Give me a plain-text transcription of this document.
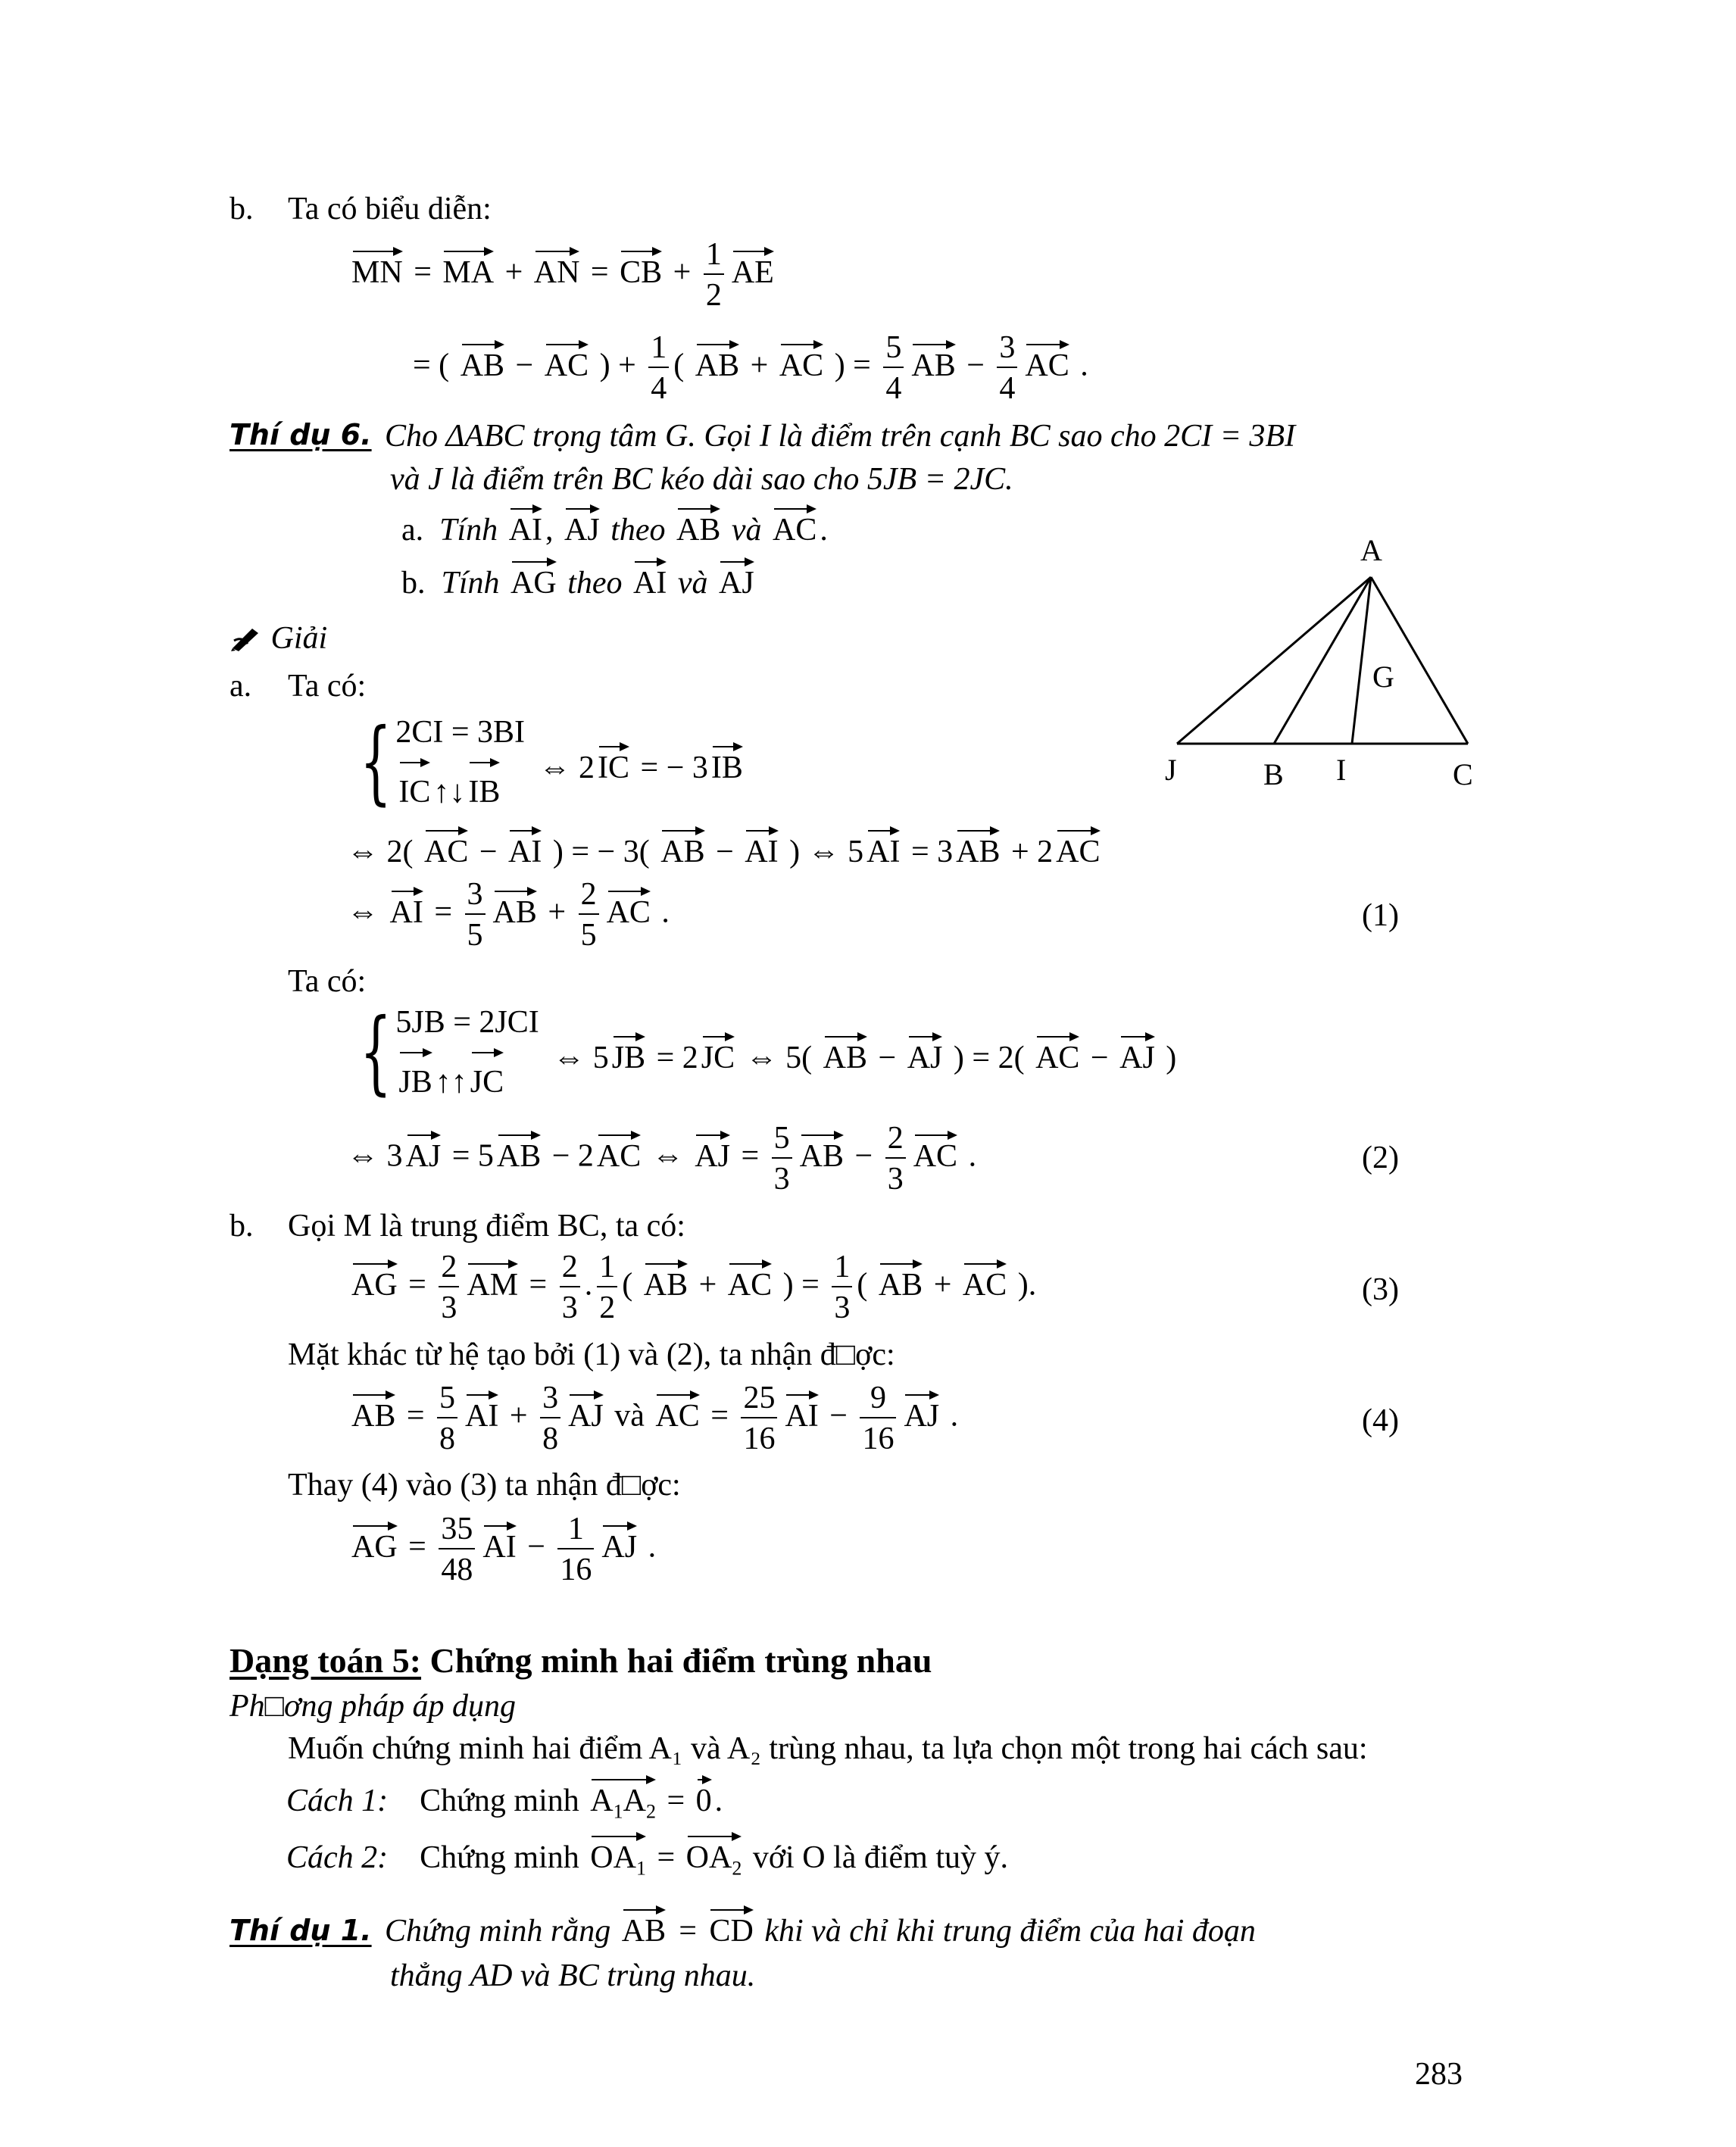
b. Ta có biểu diễn:
MN = MA + AN = CB + $\frac{1}{2}$ AE
= ( AB − AC ) + $\frac{1}{4}$ ( AB + AC ) = $\frac{5}{4}$ AB − $\frac{3}{4}$ AC .
Thí dụ 6. Cho ΔABC trọng tâm G. Gọi I là điểm trên cạnh BC sao cho 2CI = 3BI
và J là điểm trên BC kéo dài sao cho 5JB = 2JC.
a. Tính AI, AJ theo AB và AC.
b. Tính AG theo AI và AJ
A
G
J	B I	C
Giải
a. Ta có:
{ 2CI = 3BI
IC↑↓IB ⇔ 2IC = − 3IB
⇔ 2( AC − AI ) = − 3( AB − AI ) ⇔ 5AI = 3AB + 2AC
⇔ AI = $\frac{3}{5}$ AB + $\frac{2}{5}$ AC .	(1)
Ta có:
{ 5JB = 2JCI
JB↑↑JC ⇔ 5JB = 2JC ⇔ 5( AB − AJ ) = 2( AC − AJ )
⇔ 3AJ = 5AB − 2AC ⇔ AJ = $\frac{5}{3}$ AB − $\frac{2}{3}$ AC .	(2)
b. Gọi M là trung điểm BC, ta có:
AG = $\frac{2}{3}$ AM = $\frac{2}{3}$ . $\frac{1}{2}$ ( AB + AC ) = $\frac{1}{3}$ ( AB + AC ).	(3)
Mặt khác từ hệ tạo bởi (1) và (2), ta nhận đ□ợc:
AB = $\frac{5}{8}$ AI + $\frac{3}{8}$ AJ và AC = $\frac{25}{16}$ AI − $\frac{9}{16}$ AJ .	(4)
Thay (4) vào (3) ta nhận đ□ợc:
AG = $\frac{35}{48}$ AI − $\frac{1}{16}$ AJ .
Dạng toán 5: Chứng minh hai điểm trùng nhau
Ph□ơng pháp áp dụng
Muốn chứng minh hai điểm A₁ và A₂ trùng nhau, ta lựa chọn một trong hai cách sau:
Cách 1: Chứng minh $A_1A_2 = 0$.
Cách 2: Chứng minh $OA_1 = OA_2$ với O là điểm tuỳ ý.
Thí dụ 1. Chứng minh rằng AB = CD khi và chỉ khi trung điểm của hai đoạn
thẳng AD và BC trùng nhau.
283
